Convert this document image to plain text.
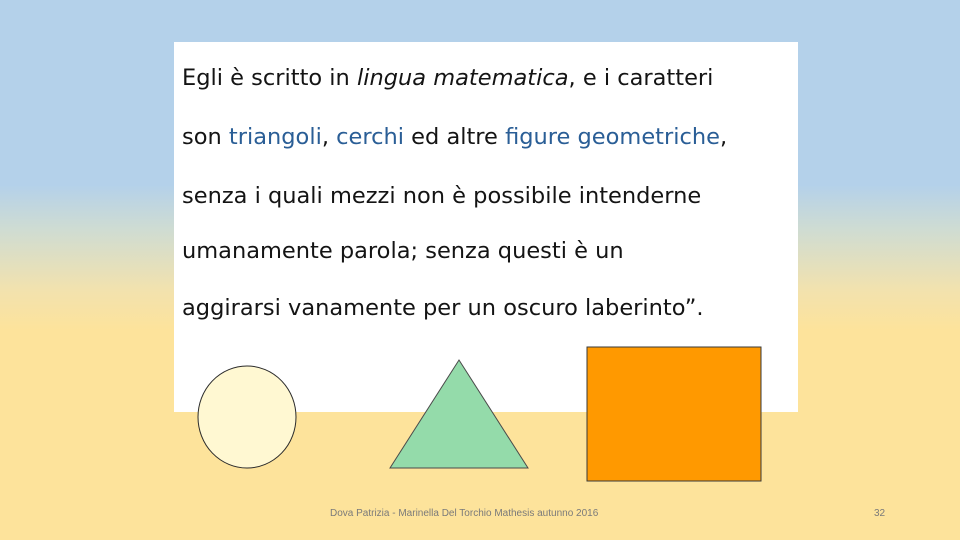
Egli è scritto in lingua matematica, e i caratteri
son triangoli, cerchi ed altre figure geometriche,
senza i quali mezzi non è possibile intenderne
umanamente parola; senza questi è un
aggirarsi vanamente per un oscuro laberinto”.
Dova Patrizia - Marinella Del Torchio Mathesis autunno 2016	32
